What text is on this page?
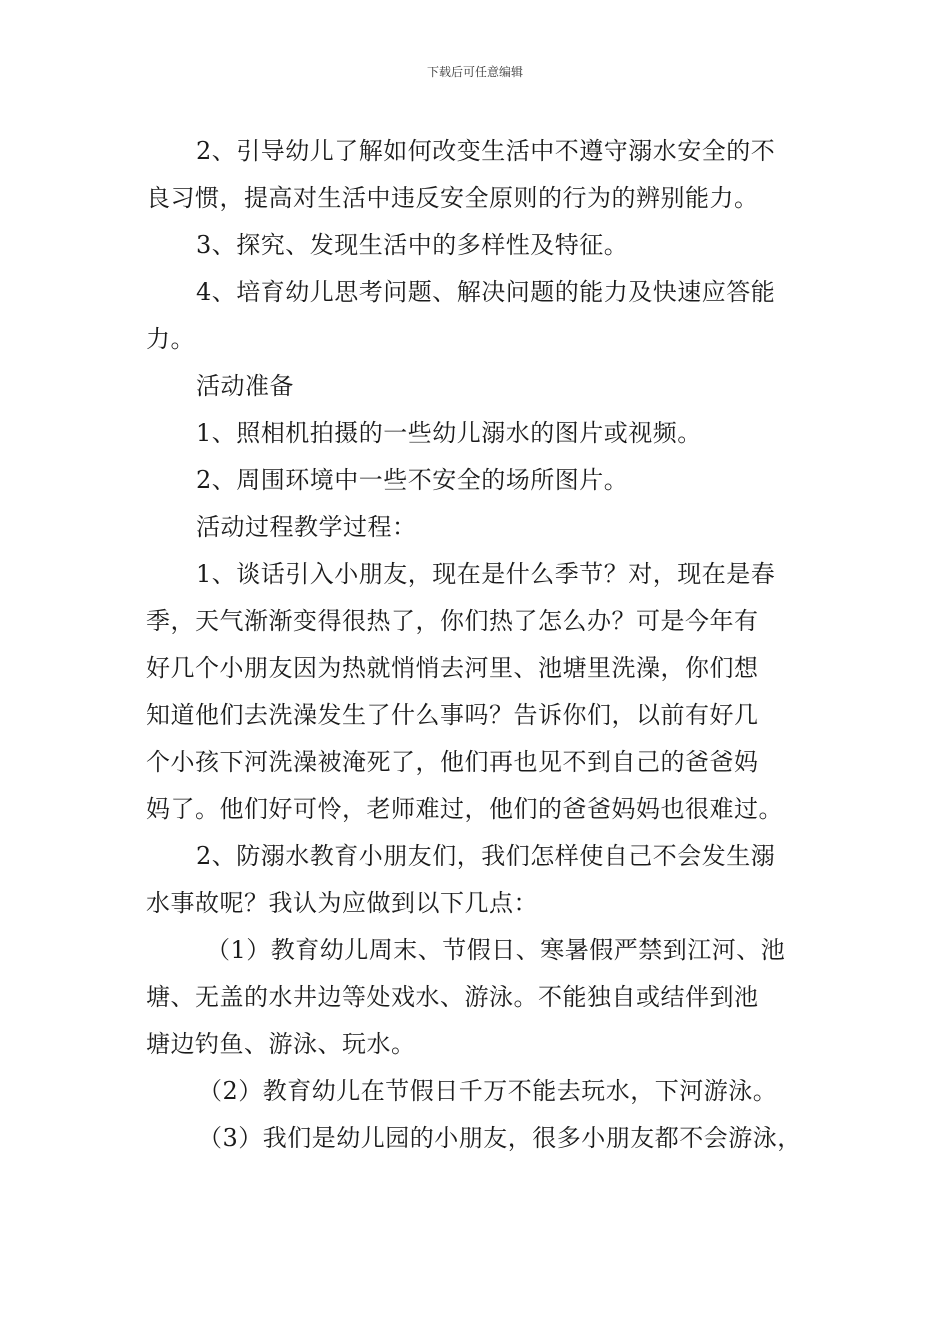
下载后可任意编辑
2、引导幼儿了解如何改变生活中不遵守溺水安全的不
良习惯，提高对生活中违反安全原则的行为的辨别能力。
3、探究、发现生活中的多样性及特征。
4、培育幼儿思考问题、解决问题的能力及快速应答能
力。
活动准备
1、照相机拍摄的一些幼儿溺水的图片或视频。
2、周围环境中一些不安全的场所图片。
活动过程教学过程：
1、谈话引入小朋友，现在是什么季节？对，现在是春
季，天气渐渐变得很热了，你们热了怎么办？可是今年有
好几个小朋友因为热就悄悄去河里、池塘里洗澡，你们想
知道他们去洗澡发生了什么事吗？告诉你们，以前有好几
个小孩下河洗澡被淹死了，他们再也见不到自己的爸爸妈
妈了。他们好可怜，老师难过，他们的爸爸妈妈也很难过。
2、防溺水教育小朋友们，我们怎样使自己不会发生溺
水事故呢？我认为应做到以下几点：
（1）教育幼儿周末、节假日、寒暑假严禁到江河、池
塘、无盖的水井边等处戏水、游泳。不能独自或结伴到池
塘边钓鱼、游泳、玩水。
（2）教育幼儿在节假日千万不能去玩水，下河游泳。
（3）我们是幼儿园的小朋友，很多小朋友都不会游泳，
